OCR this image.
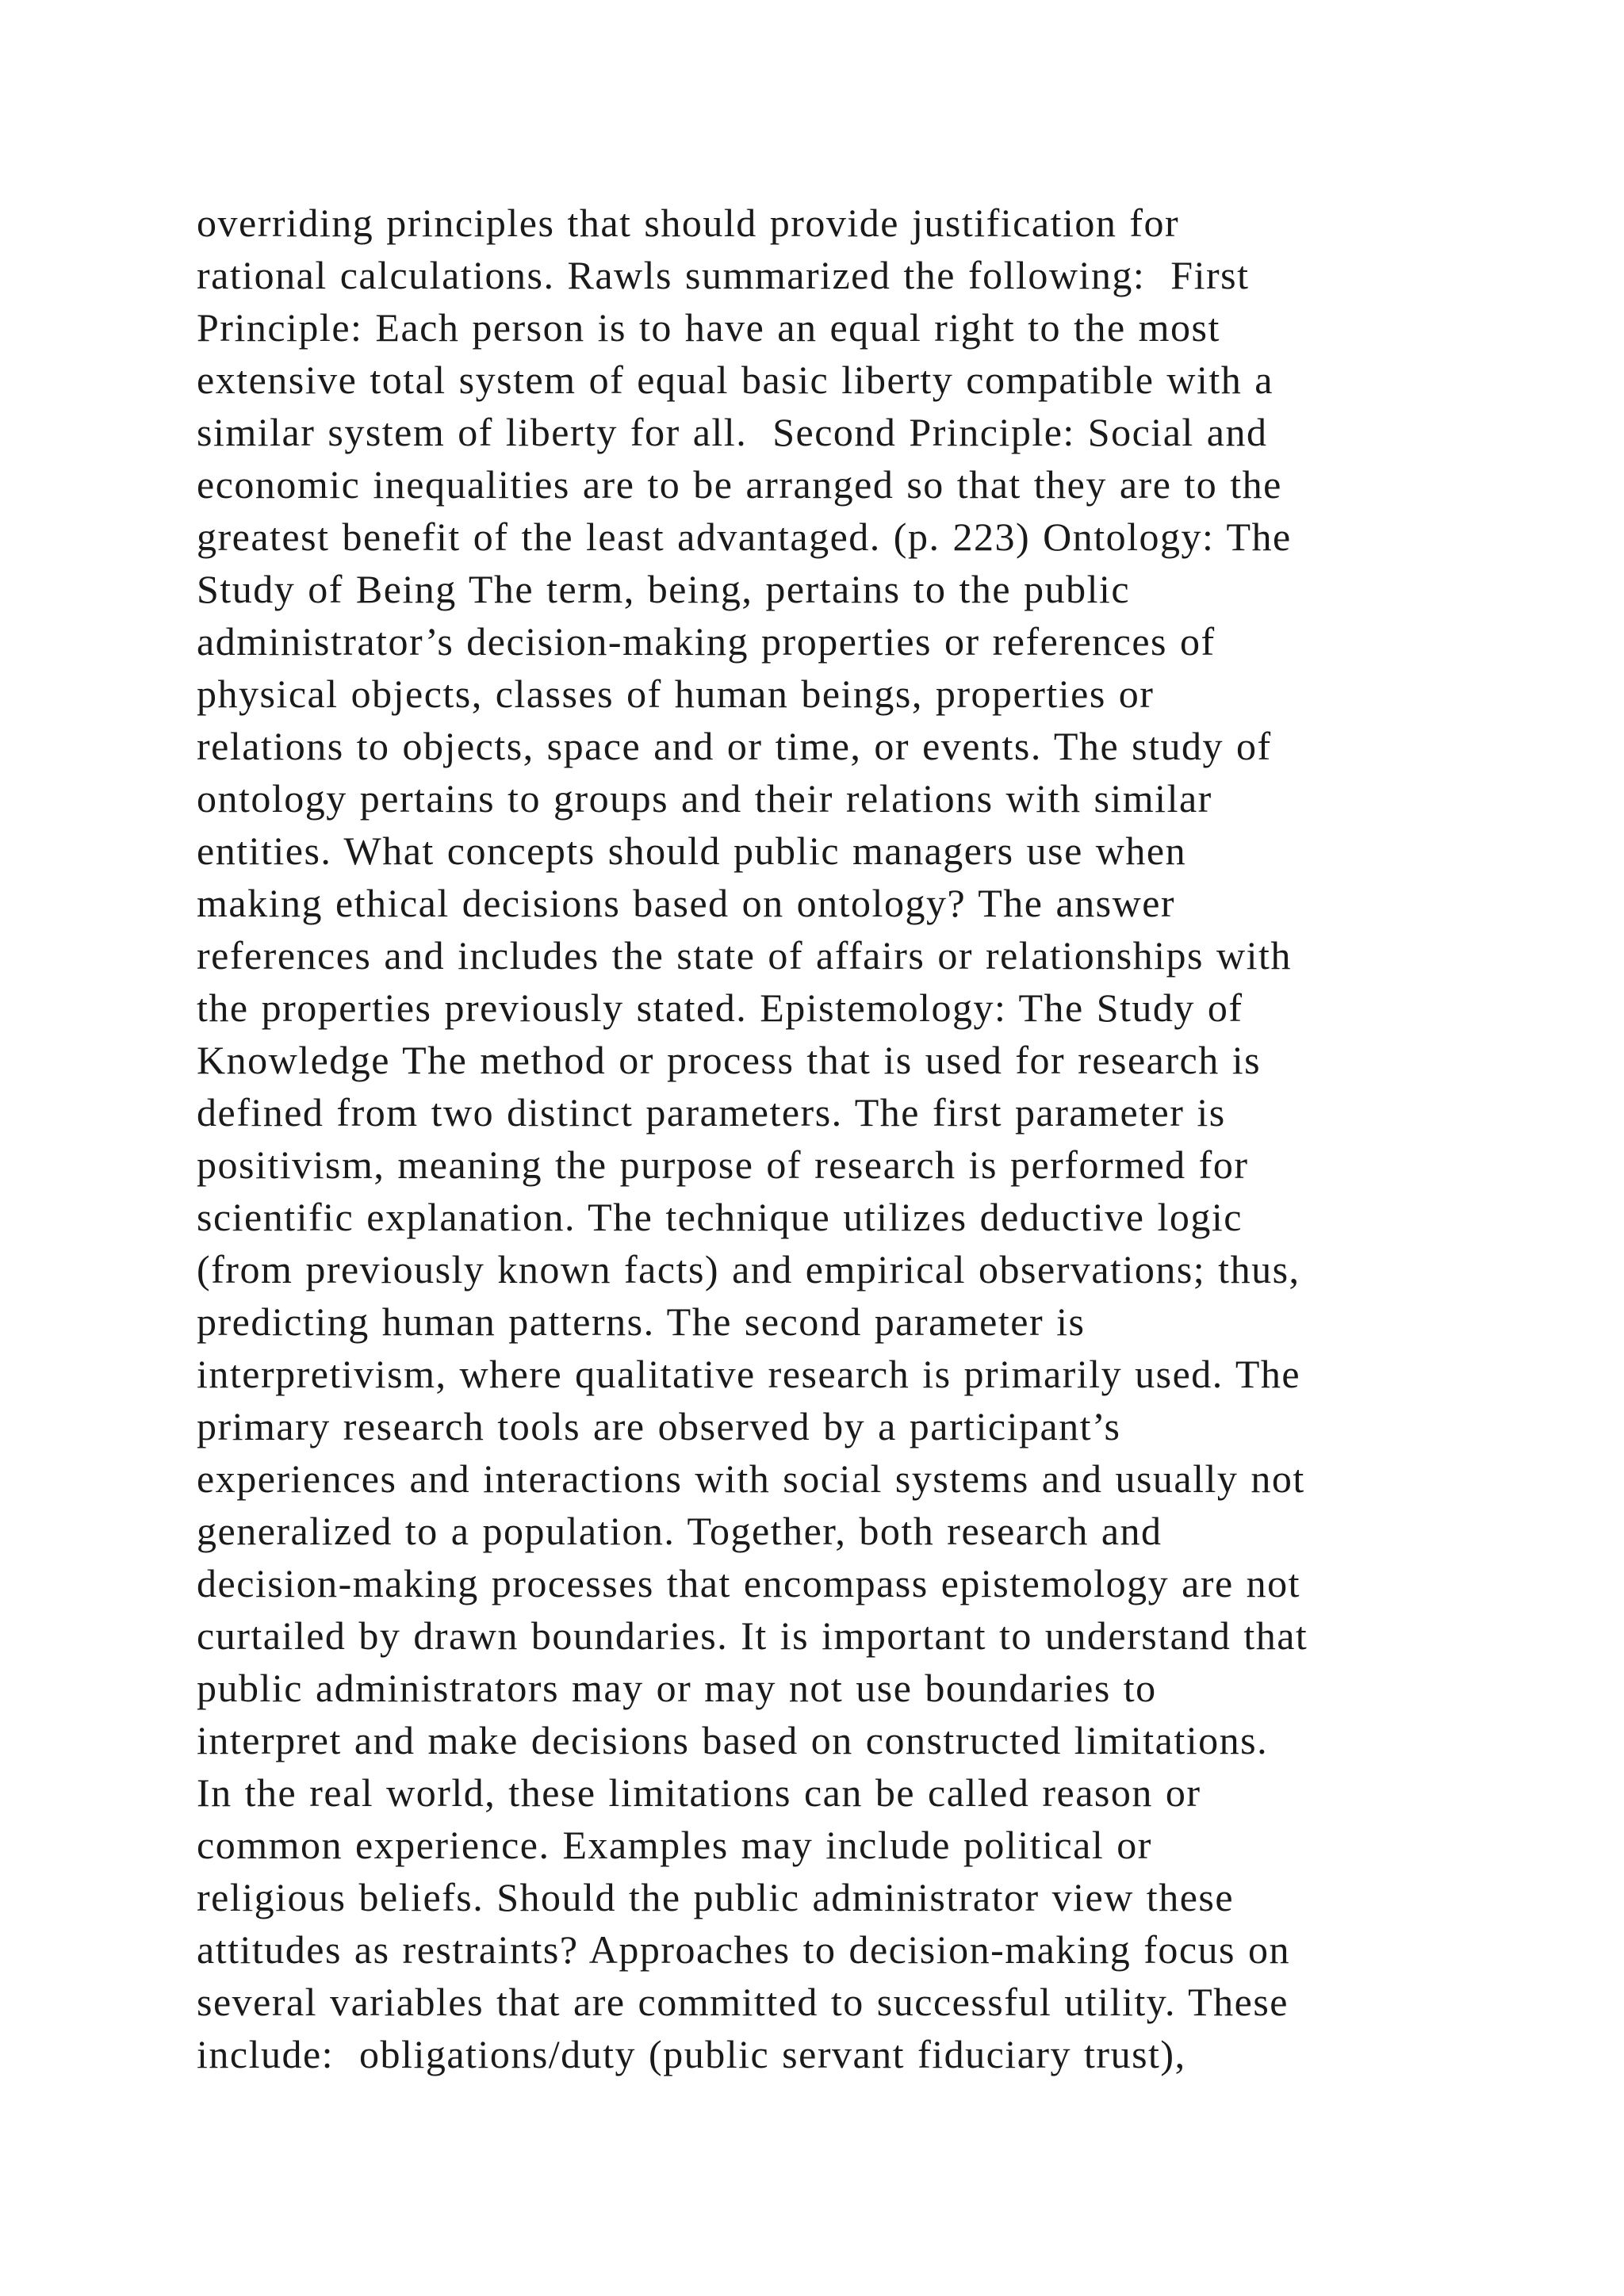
overriding principles that should provide justification for
rational calculations. Rawls summarized the following:  First
Principle: Each person is to have an equal right to the most
extensive total system of equal basic liberty compatible with a
similar system of liberty for all.  Second Principle: Social and
economic inequalities are to be arranged so that they are to the
greatest benefit of the least advantaged. (p. 223) Ontology: The
Study of Being The term, being, pertains to the public
administrator’s decision-making properties or references of
physical objects, classes of human beings, properties or
relations to objects, space and or time, or events. The study of
ontology pertains to groups and their relations with similar
entities. What concepts should public managers use when
making ethical decisions based on ontology? The answer
references and includes the state of affairs or relationships with
the properties previously stated. Epistemology: The Study of
Knowledge The method or process that is used for research is
defined from two distinct parameters. The first parameter is
positivism, meaning the purpose of research is performed for
scientific explanation. The technique utilizes deductive logic
(from previously known facts) and empirical observations; thus,
predicting human patterns. The second parameter is
interpretivism, where qualitative research is primarily used. The
primary research tools are observed by a participant’s
experiences and interactions with social systems and usually not
generalized to a population. Together, both research and
decision-making processes that encompass epistemology are not
curtailed by drawn boundaries. It is important to understand that
public administrators may or may not use boundaries to
interpret and make decisions based on constructed limitations.
In the real world, these limitations can be called reason or
common experience. Examples may include political or
religious beliefs. Should the public administrator view these
attitudes as restraints? Approaches to decision-making focus on
several variables that are committed to successful utility. These
include:  obligations/duty (public servant fiduciary trust),
